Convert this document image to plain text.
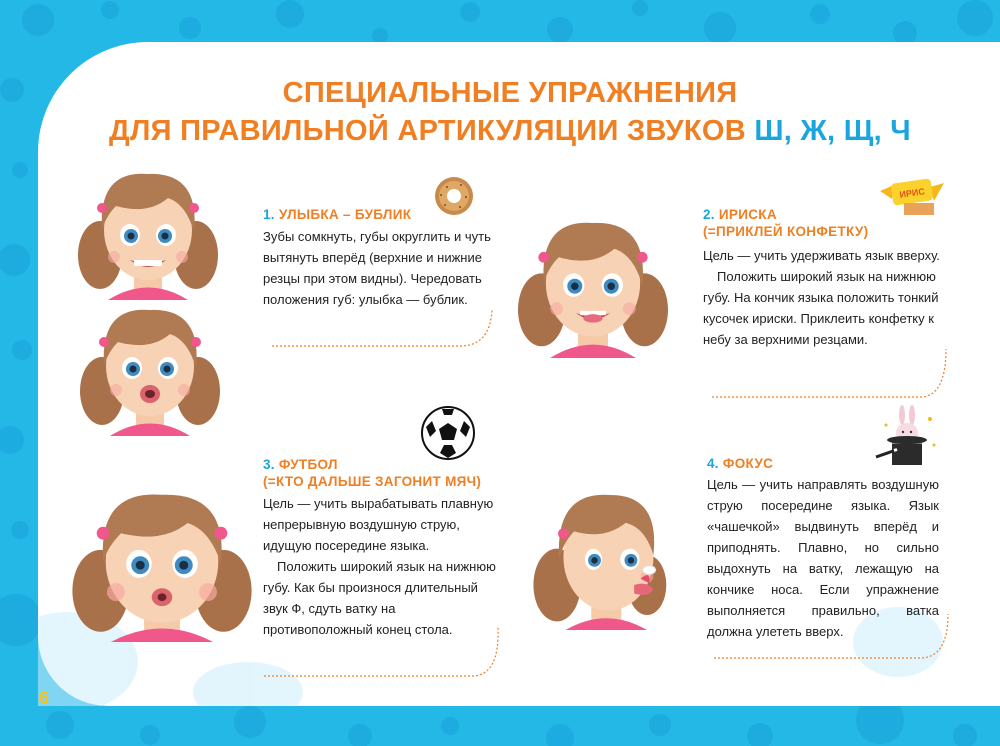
СПЕЦИАЛЬНЫЕ УПРАЖНЕНИЯ
ДЛЯ ПРАВИЛЬНОЙ АРТИКУЛЯЦИИ ЗВУКОВ Ш, Ж, Щ, Ч
1. УЛЫБКА – БУБЛИК

Зубы сомкнуть, губы округлить и чуть вытянуть вперёд (верхние и нижние резцы при этом видны). Чередовать положения губ: улыбка — бублик.

ИРИС
2. ИРИСКА
(=ПРИКЛЕЙ КОНФЕТКУ)

Цель — учить удерживать язык вверху.

Положить широкий язык на нижнюю губу. На кончик языка положить тонкий кусочек ириски. Приклеить конфетку к небу за верхними резцами.

3. ФУТБОЛ
(=КТО ДАЛЬШЕ ЗАГОНИТ МЯЧ)

Цель — учить вырабатывать плавную непрерывную воздушную струю, идущую посередине языка.

Положить широкий язык на нижнюю губу. Как бы произнося длительный звук Ф, сдуть ватку на противоположный конец стола.

4. ФОКУС

Цель — учить направлять воздушную струю посередине языка. Язык «чашечкой» выдвинуть вперёд и приподнять. Плавно, но сильно выдохнуть на ватку, лежащую на кончике носа. Если упражнение выполняется правильно, ватка должна улететь вверх.

6
